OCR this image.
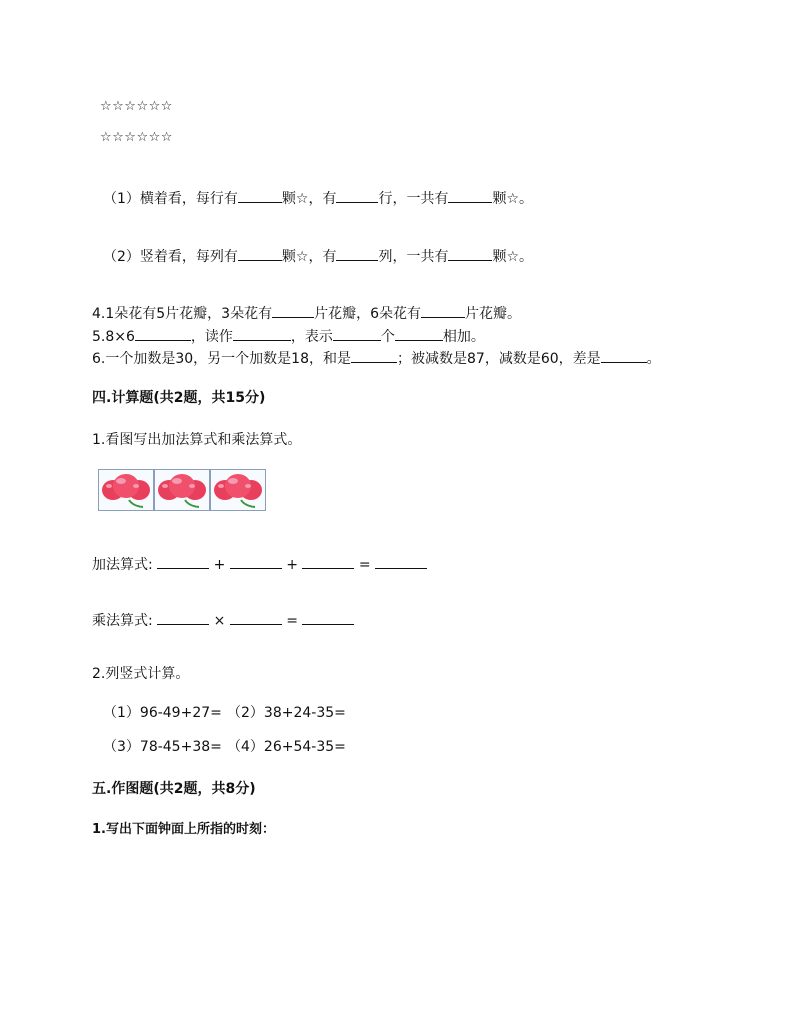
☆☆☆☆☆☆
☆☆☆☆☆☆
（1）横着看，每行有	颗☆，有	行，一共有	颗☆。
（2）竖着看，每列有	颗☆，有	列，一共有	颗☆。
4.1朵花有5片花瓣，3朵花有	片花瓣，6朵花有	片花瓣。
5.8×6	，读作	，表示	个	相加。
6.一个加数是30，另一个加数是18，和是	；被减数是87，减数是60，差是	。
四.计算题(共2题，共15分)
1.看图写出加法算式和乘法算式。
加法算式:	+	+	=
乘法算式:	×	=
2.列竖式计算。
（1）96-49+27= （2）38+24-35=
（3）78-45+38= （4）26+54-35=
五.作图题(共2题，共8分)
1.写出下面钟面上所指的时刻：
